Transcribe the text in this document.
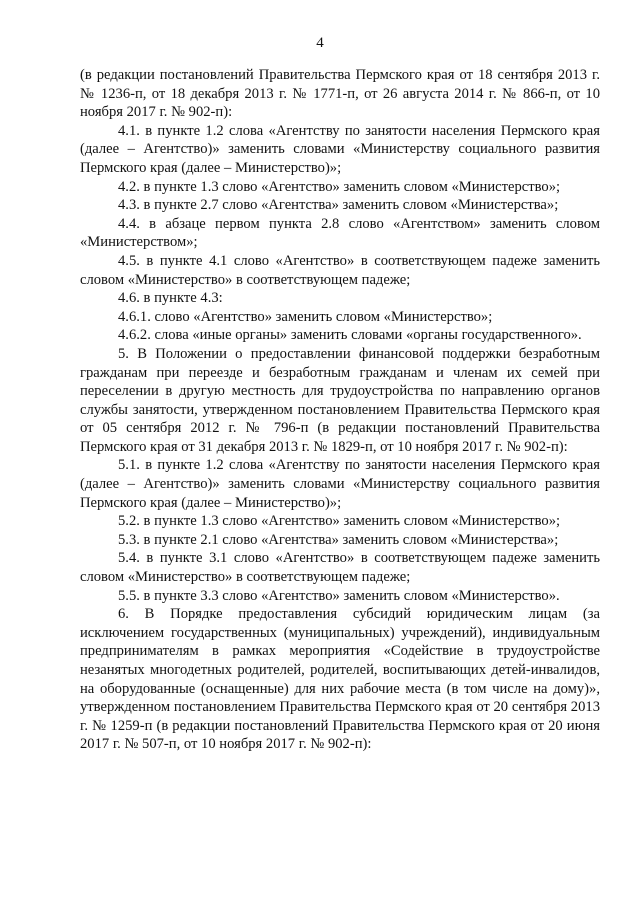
4

(в редакции постановлений Правительства Пермского края от 18 сентября 2013 г. № 1236-п, от 18 декабря 2013 г. № 1771-п, от 26 августа 2014 г. № 866-п, от 10 ноября 2017 г. № 902-п):

4.1. в пункте 1.2 слова «Агентству по занятости населения Пермского края (далее – Агентство)» заменить словами «Министерству социального развития Пермского края (далее – Министерство)»;

4.2. в пункте 1.3 слово «Агентство» заменить словом «Министерство»;

4.3. в пункте 2.7 слово «Агентства» заменить словом «Министерства»;

4.4. в абзаце первом пункта 2.8 слово «Агентством» заменить словом «Министерством»;

4.5. в пункте 4.1 слово «Агентство» в соответствующем падеже заменить словом «Министерство» в соответствующем падеже;

4.6. в пункте 4.3:

4.6.1. слово «Агентство» заменить словом «Министерство»;

4.6.2. слова «иные органы» заменить словами «органы государственного».

5. В Положении о предоставлении финансовой поддержки безработным гражданам при переезде и безработным гражданам и членам их семей при переселении в другую местность для трудоустройства по направлению органов службы занятости, утвержденном постановлением Правительства Пермского края от 05 сентября 2012 г. № 796-п (в редакции постановлений Правительства Пермского края от 31 декабря 2013 г. № 1829-п, от 10 ноября 2017 г. № 902-п):

5.1. в пункте 1.2 слова «Агентству по занятости населения Пермского края (далее – Агентство)» заменить словами «Министерству социального развития Пермского края (далее – Министерство)»;

5.2. в пункте 1.3 слово «Агентство» заменить словом «Министерство»;

5.3. в пункте 2.1 слово «Агентства» заменить словом «Министерства»;

5.4. в пункте 3.1 слово «Агентство» в соответствующем падеже заменить словом «Министерство» в соответствующем падеже;

5.5. в пункте 3.3 слово «Агентство» заменить словом «Министерство».

6. В Порядке предоставления субсидий юридическим лицам (за исключением государственных (муниципальных) учреждений), индивидуальным предпринимателям в рамках мероприятия «Содействие в трудоустройстве незанятых многодетных родителей, родителей, воспитывающих детей-инвалидов, на оборудованные (оснащенные) для них рабочие места (в том числе на дому)», утвержденном постановлением Правительства Пермского края от 20 сентября 2013 г. № 1259-п (в редакции постановлений Правительства Пермского края от 20 июня 2017 г. № 507-п, от 10 ноября 2017 г. № 902-п):
